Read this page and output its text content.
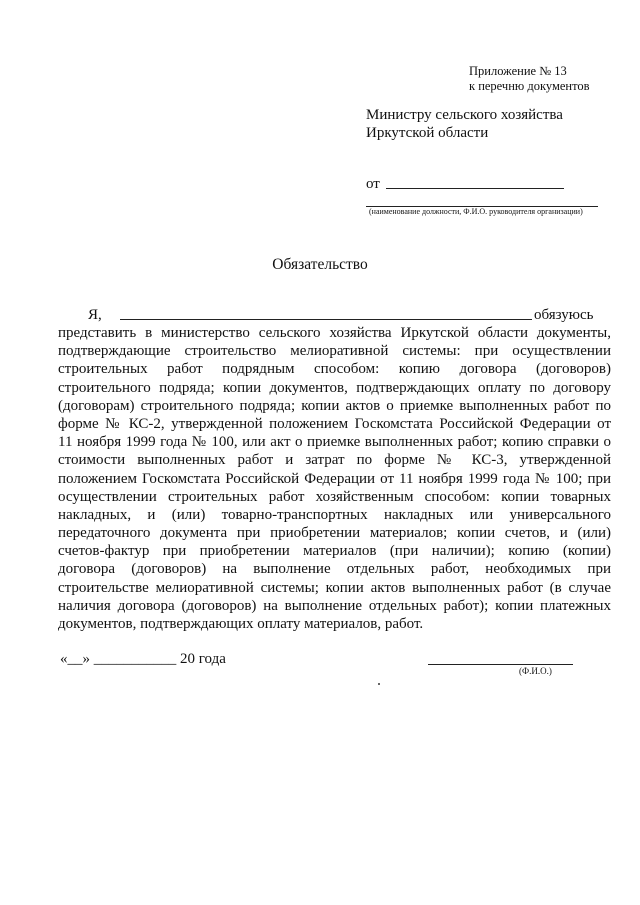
Приложение № 13
к перечню документов
Министру сельского хозяйства
Иркутской области
от
(наименование должности, Ф.И.О. руководителя организации)
Обязательство
Я,	обязуюсь
представить в министерство сельского хозяйства Иркутской области документы,
подтверждающие строительство мелиоративной системы: при осуществлении
строительных работ подрядным способом: копию договора (договоров)
строительного подряда; копии документов, подтверждающих оплату по договору
(договорам) строительного подряда; копии актов о приемке выполненных работ по
форме № КС-2, утвержденной положением Госкомстата Российской Федерации от
11 ноября 1999 года № 100, или акт о приемке выполненных работ; копию справки о
стоимости выполненных работ и затрат по форме № КС-3, утвержденной
положением Госкомстата Российской Федерации от 11 ноября 1999 года № 100; при
осуществлении строительных работ хозяйственным способом: копии товарных
накладных, и (или) товарно-транспортных накладных или универсального
передаточного документа при приобретении материалов; копии счетов, и (или)
счетов-фактур при приобретении материалов (при наличии); копию (копии)
договора (договоров) на выполнение отдельных работ, необходимых при
строительстве мелиоративной системы; копии актов выполненных работ (в случае
наличия договора (договоров) на выполнение отдельных работ); копии платежных
документов, подтверждающих оплату материалов, работ.
«__» ___________ 20 года
(Ф.И.О.)
